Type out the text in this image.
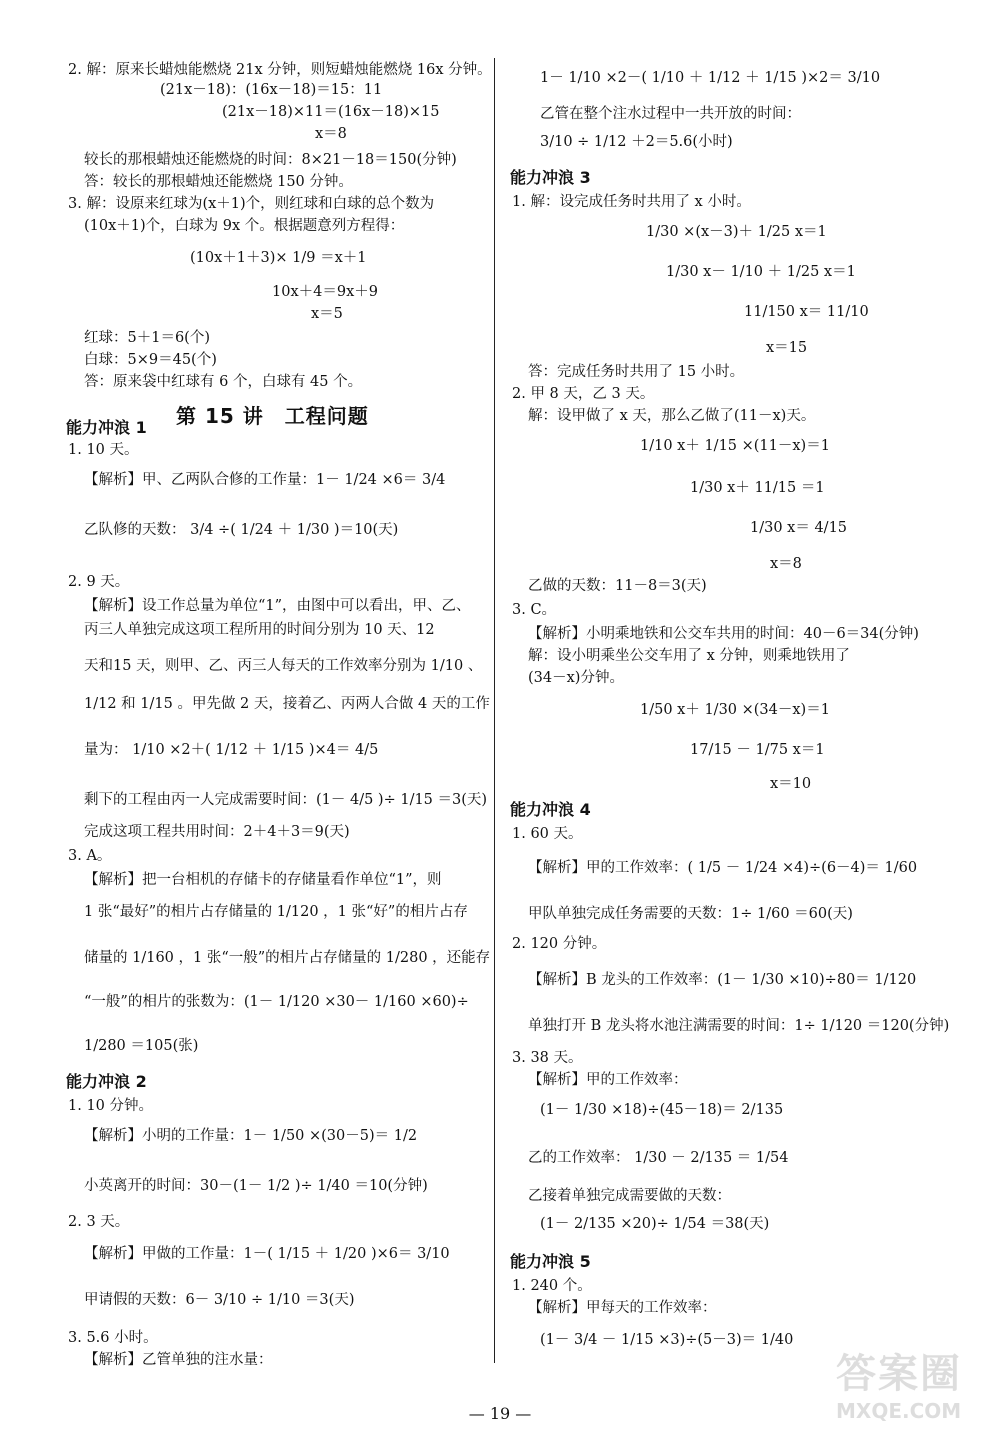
— 19 —
答案圈
MXQE.COM
第 15 讲　工程问题
能力冲浪 1
能力冲浪 2
2. 解：原来长蜡烛能燃烧 21x 分钟，则短蜡烛能燃烧 16x 分钟。
(21x－18)：(16x－18)＝15：11
(21x－18)×11＝(16x－18)×15
x＝8
较长的那根蜡烛还能燃烧的时间：8×21－18＝150(分钟)
答：较长的那根蜡烛还能燃烧 150 分钟。
3. 解：设原来红球为(x＋1)个，则红球和白球的总个数为
(10x＋1)个，白球为 9x 个。根据题意列方程得：
(10x＋1＋3)× 1/9 ＝x＋1
10x＋4＝9x＋9
x＝5
红球：5＋1＝6(个)
白球：5×9＝45(个)
答：原来袋中红球有 6 个，白球有 45 个。
1. 10 天。
【解析】甲、乙两队合修的工作量：1－ 1/24 ×6＝ 3/4
乙队修的天数： 3/4 ÷( 1/24 ＋ 1/30 )＝10(天)
2. 9 天。
【解析】设工作总量为单位“1”，由图中可以看出，甲、乙、
丙三人单独完成这项工程所用的时间分别为 10 天、12
天和15 天，则甲、乙、丙三人每天的工作效率分别为 1/10 、
1/12 和 1/15 。甲先做 2 天，接着乙、丙两人合做 4 天的工作
量为： 1/10 ×2＋( 1/12 ＋ 1/15 )×4＝ 4/5
剩下的工程由丙一人完成需要时间：(1－ 4/5 )÷ 1/15 ＝3(天)
完成这项工程共用时间：2＋4＋3＝9(天)
3. A。
【解析】把一台相机的存储卡的存储量看作单位“1”，则
1 张“最好”的相片占存储量的 1/120 ，1 张“好”的相片占存
储量的 1/160 ，1 张“一般”的相片占存储量的 1/280 ，还能存
“一般”的相片的张数为：(1－ 1/120 ×30－ 1/160 ×60)÷
1/280 ＝105(张)
1. 10 分钟。
【解析】小明的工作量：1－ 1/50 ×(30－5)＝ 1/2
小英离开的时间：30－(1－ 1/2 )÷ 1/40 ＝10(分钟)
2. 3 天。
【解析】甲做的工作量：1－( 1/15 ＋ 1/20 )×6＝ 3/10
甲请假的天数：6－ 3/10 ÷ 1/10 ＝3(天)
3. 5.6 小时。
【解析】乙管单独的注水量：
能力冲浪 3
能力冲浪 4
能力冲浪 5
1－ 1/10 ×2－( 1/10 ＋ 1/12 ＋ 1/15 )×2＝ 3/10
乙管在整个注水过程中一共开放的时间：
3/10 ÷ 1/12 ＋2＝5.6(小时)
1. 解：设完成任务时共用了 x 小时。
1/30 ×(x－3)＋ 1/25 x＝1
1/30 x－ 1/10 ＋ 1/25 x＝1
11/150 x＝ 11/10
x＝15
答：完成任务时共用了 15 小时。
2. 甲 8 天，乙 3 天。
解：设甲做了 x 天，那么乙做了(11－x)天。
1/10 x＋ 1/15 ×(11－x)＝1
1/30 x＋ 11/15 ＝1
1/30 x＝ 4/15
x＝8
乙做的天数：11－8＝3(天)
3. C。
【解析】小明乘地铁和公交车共用的时间：40－6＝34(分钟)
解：设小明乘坐公交车用了 x 分钟，则乘地铁用了
(34－x)分钟。
1/50 x＋ 1/30 ×(34－x)＝1
17/15 － 1/75 x＝1
x＝10
1. 60 天。
【解析】甲的工作效率：( 1/5 － 1/24 ×4)÷(6－4)＝ 1/60
甲队单独完成任务需要的天数：1÷ 1/60 ＝60(天)
2. 120 分钟。
【解析】B 龙头的工作效率：(1－ 1/30 ×10)÷80＝ 1/120
单独打开 B 龙头将水池注满需要的时间：1÷ 1/120 ＝120(分钟)
3. 38 天。
【解析】甲的工作效率：
(1－ 1/30 ×18)÷(45－18)＝ 2/135
乙的工作效率： 1/30 － 2/135 ＝ 1/54
乙接着单独完成需要做的天数：
(1－ 2/135 ×20)÷ 1/54 ＝38(天)
1. 240 个。
【解析】甲每天的工作效率：
(1－ 3/4 － 1/15 ×3)÷(5－3)＝ 1/40
